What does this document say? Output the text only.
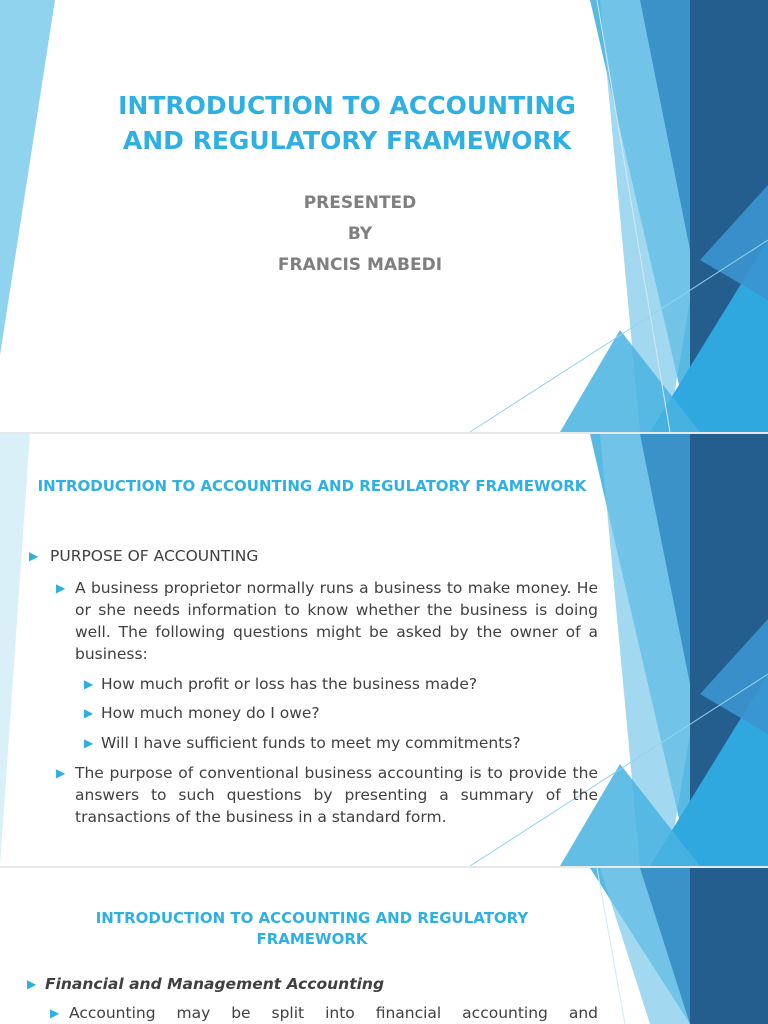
INTRODUCTION TO ACCOUNTING
AND REGULATORY FRAMEWORK
PRESENTED
BY
FRANCIS MABEDI
INTRODUCTION TO ACCOUNTING AND REGULATORY FRAMEWORK
▶ PURPOSE OF ACCOUNTING
▶ A business proprietor normally runs a business to make money. He or she needs information to know whether the business is doing well. The following questions might be asked by the owner of a business:
▶ How much profit or loss has the business made?
▶ How much money do I owe?
▶ Will I have sufficient funds to meet my commitments?
▶ The purpose of conventional business accounting is to provide the answers to such questions by presenting a summary of the transactions of the business in a standard form.
INTRODUCTION TO ACCOUNTING AND REGULATORY
FRAMEWORK
▶ Financial and Management Accounting
▶ Accounting may be split into financial accounting and
